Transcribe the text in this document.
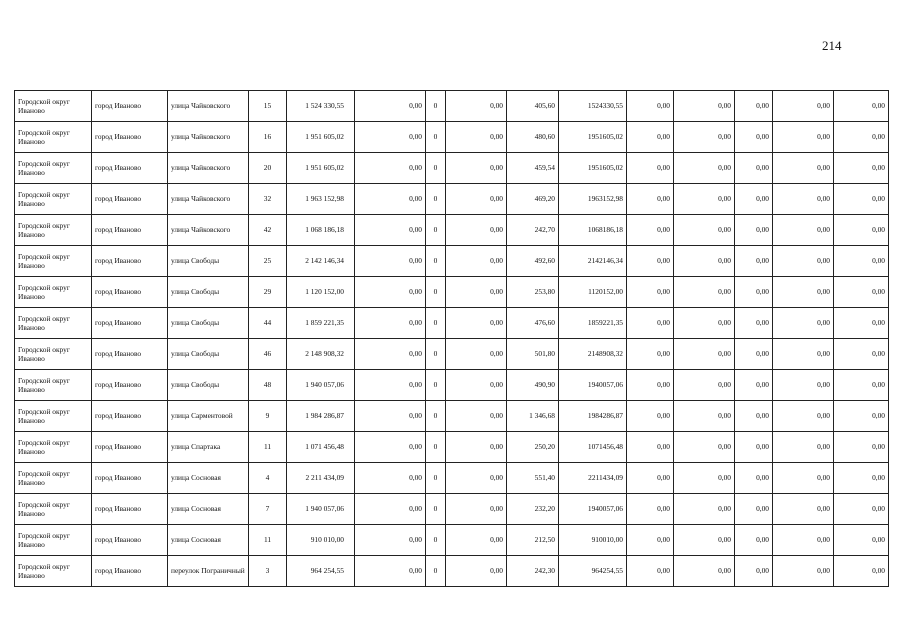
214
Городской округ Иваново	город Иваново	улица Чайковского	15	1 524 330,55	0,00	0	0,00	405,60	1524330,55	0,00	0,00	0,00	0,00	0,00
Городской округ Иваново	город Иваново	улица Чайковского	16	1 951 605,02	0,00	0	0,00	480,60	1951605,02	0,00	0,00	0,00	0,00	0,00
Городской округ Иваново	город Иваново	улица Чайковского	20	1 951 605,02	0,00	0	0,00	459,54	1951605,02	0,00	0,00	0,00	0,00	0,00
Городской округ Иваново	город Иваново	улица Чайковского	32	1 963 152,98	0,00	0	0,00	469,20	1963152,98	0,00	0,00	0,00	0,00	0,00
Городской округ Иваново	город Иваново	улица Чайковского	42	1 068 186,18	0,00	0	0,00	242,70	1068186,18	0,00	0,00	0,00	0,00	0,00
Городской округ Иваново	город Иваново	улица Свободы	25	2 142 146,34	0,00	0	0,00	492,60	2142146,34	0,00	0,00	0,00	0,00	0,00
Городской округ Иваново	город Иваново	улица Свободы	29	1 120 152,00	0,00	0	0,00	253,80	1120152,00	0,00	0,00	0,00	0,00	0,00
Городской округ Иваново	город Иваново	улица Свободы	44	1 859 221,35	0,00	0	0,00	476,60	1859221,35	0,00	0,00	0,00	0,00	0,00
Городской округ Иваново	город Иваново	улица Свободы	46	2 148 908,32	0,00	0	0,00	501,80	2148908,32	0,00	0,00	0,00	0,00	0,00
Городской округ Иваново	город Иваново	улица Свободы	48	1 940 057,06	0,00	0	0,00	490,90	1940057,06	0,00	0,00	0,00	0,00	0,00
Городской округ Иваново	город Иваново	улица Сарментовой	9	1 984 286,87	0,00	0	0,00	1 346,68	1984286,87	0,00	0,00	0,00	0,00	0,00
Городской округ Иваново	город Иваново	улица Спартака	11	1 071 456,48	0,00	0	0,00	250,20	1071456,48	0,00	0,00	0,00	0,00	0,00
Городской округ Иваново	город Иваново	улица Сосновая	4	2 211 434,09	0,00	0	0,00	551,40	2211434,09	0,00	0,00	0,00	0,00	0,00
Городской округ Иваново	город Иваново	улица Сосновая	7	1 940 057,06	0,00	0	0,00	232,20	1940057,06	0,00	0,00	0,00	0,00	0,00
Городской округ Иваново	город Иваново	улица Сосновая	11	910 010,00	0,00	0	0,00	212,50	910010,00	0,00	0,00	0,00	0,00	0,00
Городской округ Иваново	город Иваново	переулок Пограничный	3	964 254,55	0,00	0	0,00	242,30	964254,55	0,00	0,00	0,00	0,00	0,00
